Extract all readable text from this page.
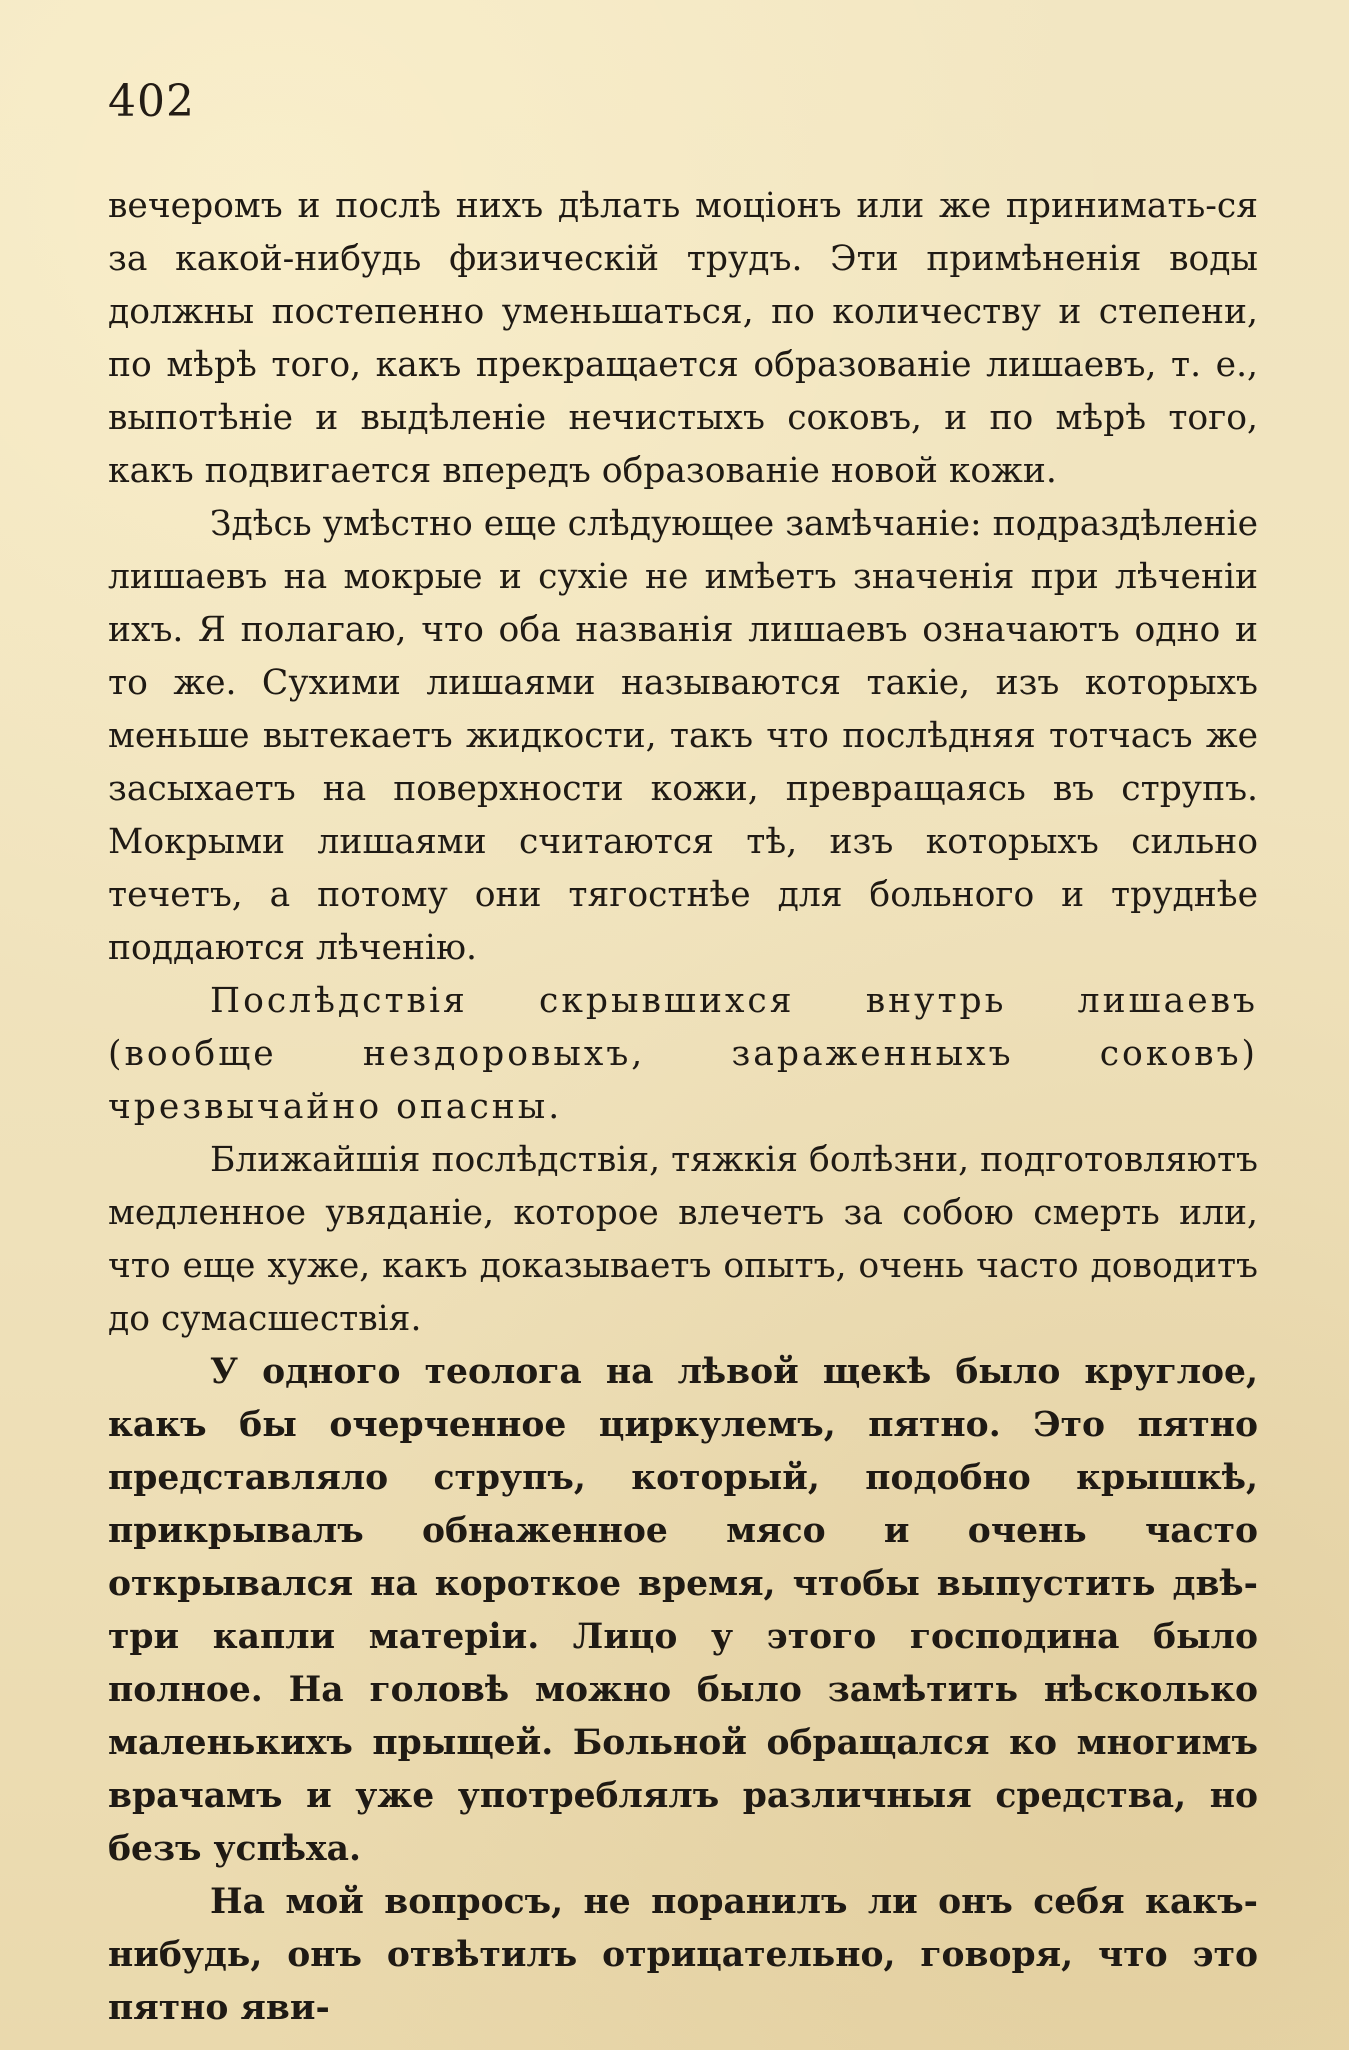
402

вечеромъ и послѣ нихъ дѣлать моціонъ или же принимать-ся за какой-нибудь физическій трудъ. Эти примѣненія воды должны постепенно уменьшаться, по количеству и степени, по мѣрѣ того, какъ прекращается образованіе лишаевъ, т. е., выпотѣніе и выдѣленіе нечистыхъ соковъ, и по мѣрѣ того, какъ подвигается впередъ образованіе новой кожи.

Здѣсь умѣстно еще слѣдующее замѣчаніе: подраздѣленіе лишаевъ на мокрые и сухіе не имѣетъ значенія при лѣченіи ихъ. Я полагаю, что оба названія лишаевъ означаютъ одно и то же. Сухими лишаями называются такіе, изъ которыхъ меньше вытекаетъ жидкости, такъ что послѣдняя тотчасъ же засыхаетъ на поверхности кожи, превращаясь въ струпъ. Мокрыми лишаями считаются тѣ, изъ которыхъ сильно течетъ, а потому они тягостнѣе для больного и труднѣе поддаются лѣченію.

Послѣдствія скрывшихся внутрь лишаевъ (вообще нездоровыхъ, зараженныхъ соковъ) чрезвычайно опасны.

Ближайшія послѣдствія, тяжкія болѣзни, подготовляютъ медленное увяданіе, которое влечетъ за собою смерть или, что еще хуже, какъ доказываетъ опытъ, очень часто доводитъ до сумасшествія.

У одного теолога на лѣвой щекѣ было круглое, какъ бы очерченное циркулемъ, пятно. Это пятно представляло струпъ, который, подобно крышкѣ, прикрывалъ обнаженное мясо и очень часто открывался на короткое время, чтобы выпустить двѣ-три капли матеріи. Лицо у этого господина было полное. На головѣ можно было замѣтить нѣсколько маленькихъ прыщей. Больной обращался ко многимъ врачамъ и уже употреблялъ различныя средства, но безъ успѣха.

На мой вопросъ, не поранилъ ли онъ себя какъ-нибудь, онъ отвѣтилъ отрицательно, говоря, что это пятно яви-
